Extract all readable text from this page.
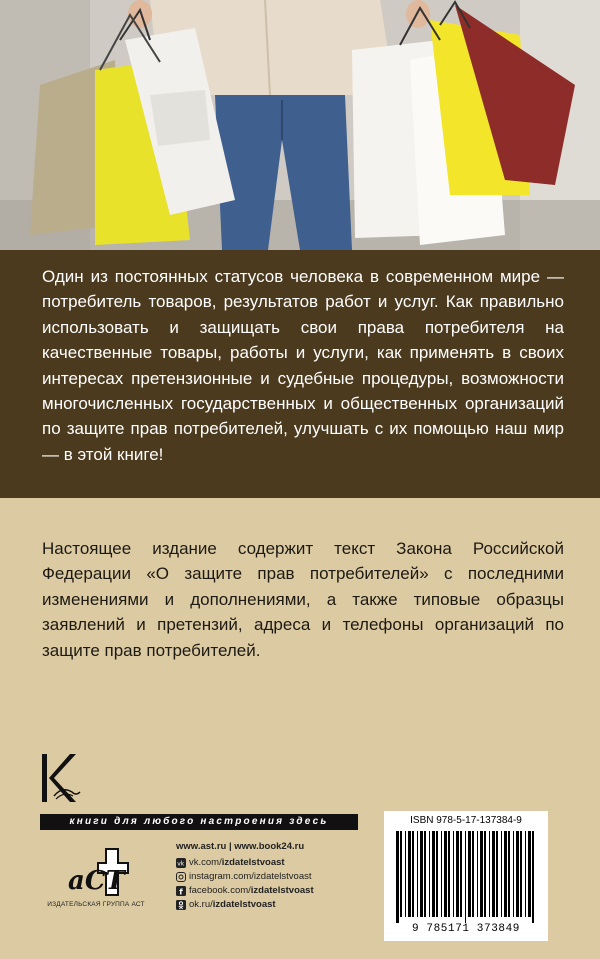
Один из постоянных статусов человека в современном мире — потребитель товаров, результатов работ и услуг. Как правильно использовать и защищать свои права потребителя на качественные товары, работы и услуги, как применять в своих интересах претензионные и судебные процедуры, возможности многочисленных государственных и общественных организаций по защите прав потребителей, улучшать с их помощью наш мир — в этой книге!

Настоящее издание содержит текст Закона Российской Федерации «О защите прав потребителей» с последними изменениями и дополнениями, а также типовые образцы заявлений и претензий, адреса и телефоны организаций по защите прав потребителей.

книги для любого настроения здесь
aCT
ИЗДАТЕЛЬСКАЯ ГРУППА АСТ
www.ast.ru | www.book24.ru
vk vk.com/ izdatelstvoast
instagram.com/izdatelstvoast
f facebook.com/ izdatelstvoast
ok.ru/ izdatelstvoast
ISBN 978-5-17-137384-9
9 785171 373849
